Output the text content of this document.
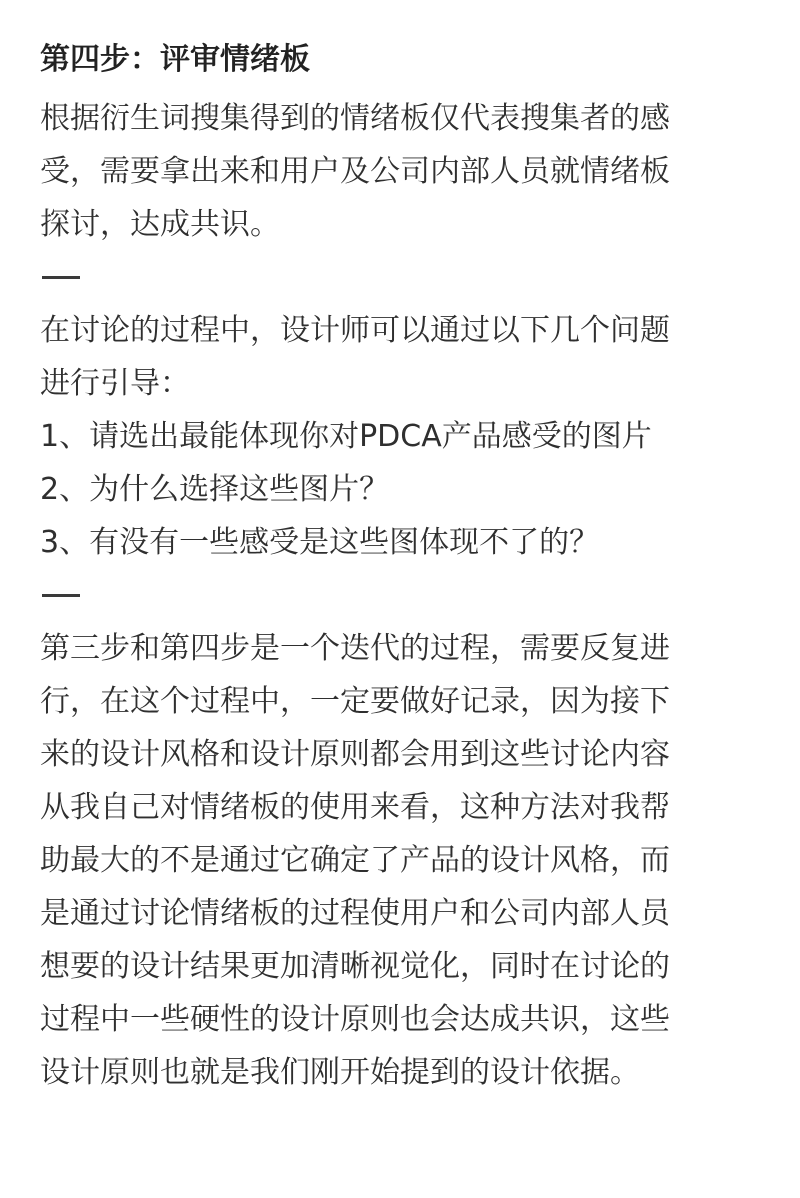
第四步：评审情绪板
根据衍生词搜集得到的情绪板仅代表搜集者的感
受，需要拿出来和用户及公司内部人员就情绪板
探讨，达成共识。
在讨论的过程中，设计师可以通过以下几个问题
进行引导：
1、请选出最能体现你对PDCA产品感受的图片
2、为什么选择这些图片？
3、有没有一些感受是这些图体现不了的？
第三步和第四步是一个迭代的过程，需要反复进
行，在这个过程中，一定要做好记录，因为接下
来的设计风格和设计原则都会用到这些讨论内容
从我自己对情绪板的使用来看，这种方法对我帮
助最大的不是通过它确定了产品的设计风格，而
是通过讨论情绪板的过程使用户和公司内部人员
想要的设计结果更加清晰视觉化，同时在讨论的
过程中一些硬性的设计原则也会达成共识，这些
设计原则也就是我们刚开始提到的设计依据。
